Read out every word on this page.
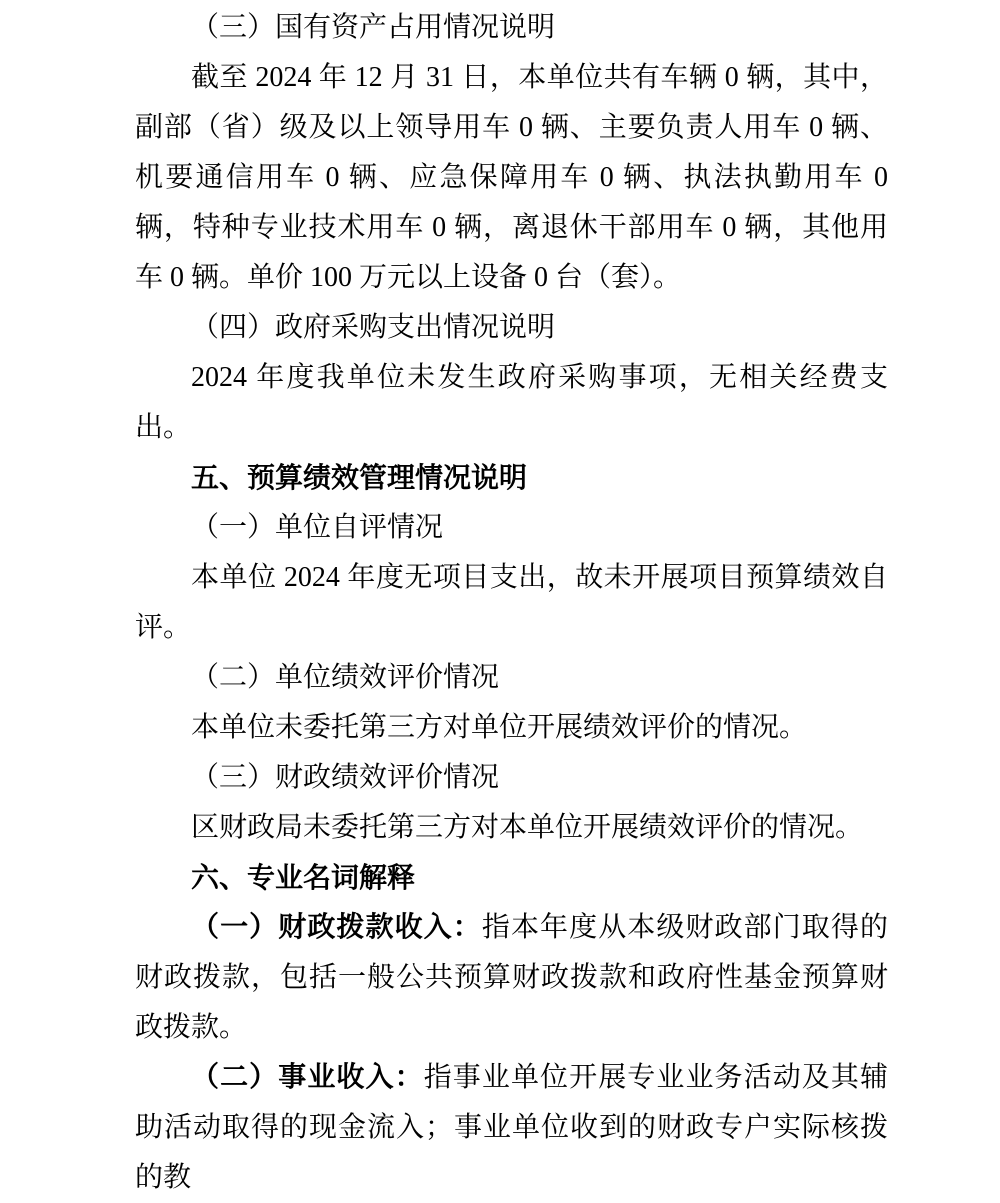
（三）国有资产占用情况说明

截至 2024 年 12 月 31 日，本单位共有车辆 0 辆，其中，副部（省）级及以上领导用车 0 辆、主要负责人用车 0 辆、机要通信用车 0 辆、应急保障用车 0 辆、执法执勤用车 0 辆，特种专业技术用车 0 辆，离退休干部用车 0 辆，其他用车 0 辆。单价 100 万元以上设备 0 台（套）。

（四）政府采购支出情况说明

2024 年度我单位未发生政府采购事项，无相关经费支出。

五、预算绩效管理情况说明
（一）单位自评情况

本单位 2024 年度无项目支出，故未开展项目预算绩效自评。

（二）单位绩效评价情况

本单位未委托第三方对单位开展绩效评价的情况。

（三）财政绩效评价情况

区财政局未委托第三方对本单位开展绩效评价的情况。

六、专业名词解释

（一）财政拨款收入：指本年度从本级财政部门取得的财政拨款，包括一般公共预算财政拨款和政府性基金预算财政拨款。

（二）事业收入：指事业单位开展专业业务活动及其辅助活动取得的现金流入；事业单位收到的财政专户实际核拨的教
